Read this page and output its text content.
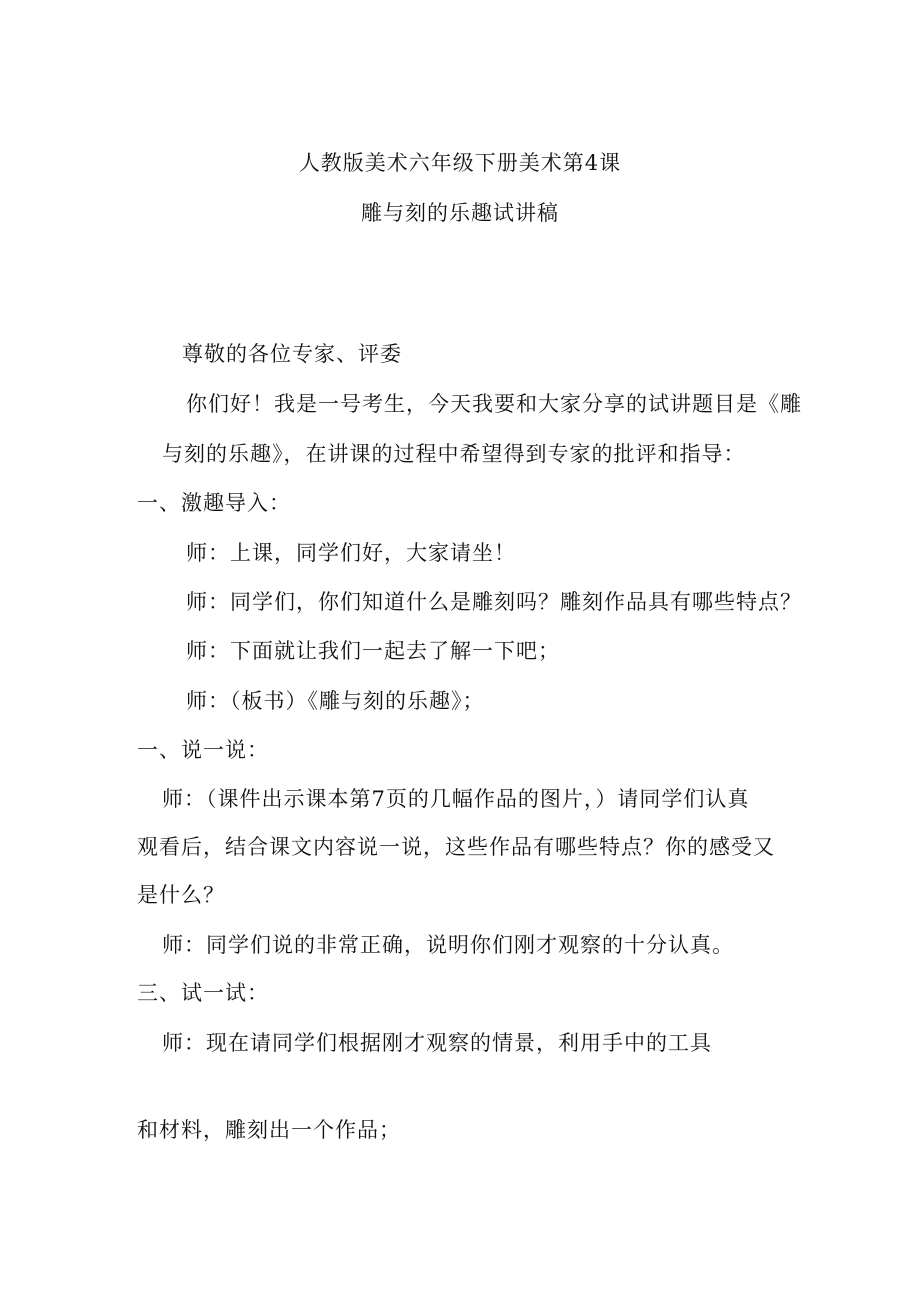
人教版美术六年级下册美术第4课
雕与刻的乐趣试讲稿
尊敬的各位专家、评委
你们好！我是一号考生，今天我要和大家分享的试讲题目是《雕
与刻的乐趣》，在讲课的过程中希望得到专家的批评和指导：
一、激趣导入：
师：上课，同学们好，大家请坐！
师：同学们，你们知道什么是雕刻吗？雕刻作品具有哪些特点？
师：下面就让我们一起去了解一下吧；
师：（板书）《雕与刻的乐趣》；
一、说一说：
师：（课件出示课本第7页的几幅作品的图片，）请同学们认真
观看后，结合课文内容说一说，这些作品有哪些特点？你的感受又
是什么？
师：同学们说的非常正确，说明你们刚才观察的十分认真。
三、试一试：
师：现在请同学们根据刚才观察的情景，利用手中的工具
和材料，雕刻出一个作品；
